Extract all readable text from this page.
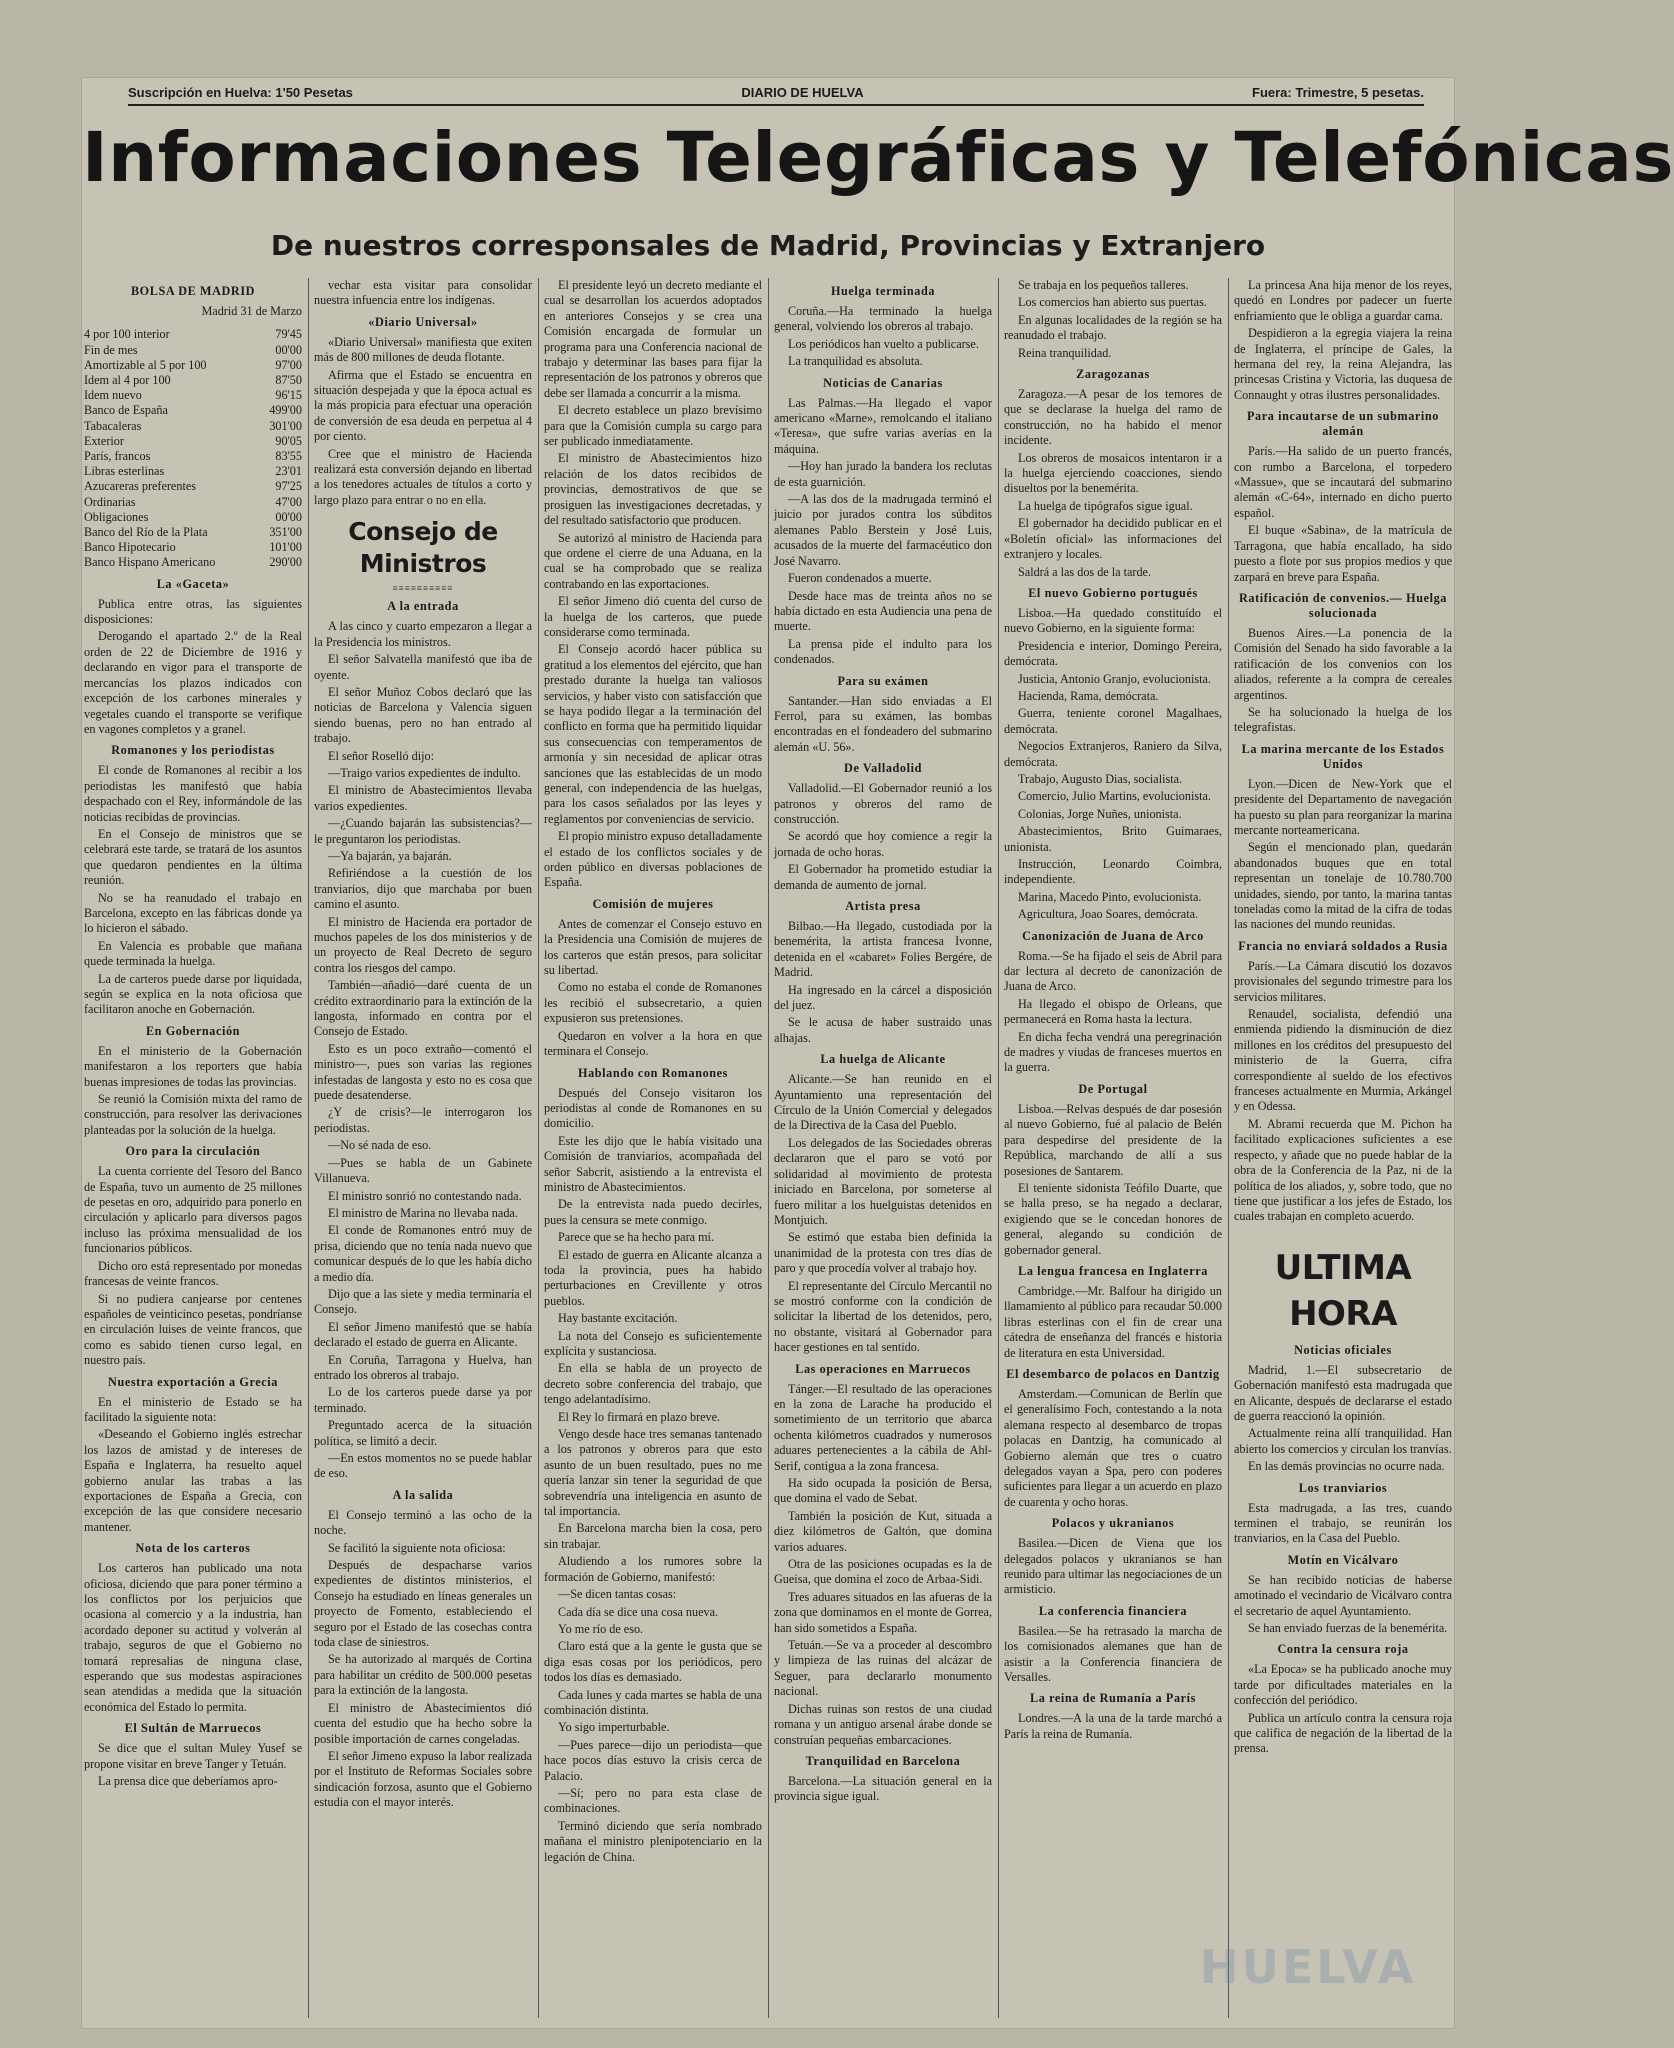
Suscripción en Huelva: 1'50 Pesetas	DIARIO DE HUELVA	Fuera: Trimestre, 5 pesetas.
Informaciones Telegráficas y Telefónicas
De nuestros corresponsales de Madrid, Provincias y Extranjero
BOLSA DE MADRID
Madrid 31 de Marzo
4 por 100 interior	79'45
Fin de mes	00'00
Amortizable al 5 por 100	97'00
Idem al 4 por 100	87'50
Idem nuevo	96'15
Banco de España	499'00
Tabacaleras	301'00
Exterior	90'05
París, francos	83'55
Libras esterlinas	23'01
Azucareras preferentes	97'25
Ordinarias	47'00
Obligaciones	00'00
Banco del Río de la Plata	351'00
Banco Hipotecario	101'00
Banco Hispano Americano	290'00
La «Gaceta»

Publica entre otras, las siguientes disposiciones:

Derogando el apartado 2.º de la Real orden de 22 de Diciembre de 1916 y declarando en vigor para el transporte de mercancías los plazos indicados con excepción de los carbones minerales y vegetales cuando el transporte se verifique en vagones completos y a granel.

Romanones y los periodistas

El conde de Romanones al recibir a los periodistas les manifestó que había despachado con el Rey, informándole de las noticias recibidas de provincias.

En el Consejo de ministros que se celebrará este tarde, se tratará de los asuntos que quedaron pendientes en la última reunión.

No se ha reanudado el trabajo en Barcelona, excepto en las fábricas donde ya lo hicieron el sábado.

En Valencia es probable que mañana quede terminada la huelga.

La de carteros puede darse por liquidada, según se explica en la nota oficiosa que facilitaron anoche en Gobernación.

En Gobernación

En el ministerio de la Gobernación manifestaron a los reporters que había buenas impresiones de todas las provincias.

Se reunió la Comisión mixta del ramo de construcción, para resolver las derivaciones planteadas por la solución de la huelga.

Oro para la circulación

La cuenta corriente del Tesoro del Banco de España, tuvo un aumento de 25 millones de pesetas en oro, adquirido para ponerlo en circulación y aplicarlo para diversos pagos incluso las próxima mensualidad de los funcionarios públicos.

Dicho oro está representado por monedas francesas de veinte francos.

Si no pudiera canjearse por centenes españoles de veinticinco pesetas, pondríanse en circulación luises de veinte francos, que como es sabido tienen curso legal, en nuestro país.

Nuestra exportación a Grecia

En el ministerio de Estado se ha facilitado la siguiente nota:

«Deseando el Gobierno inglés estrechar los lazos de amistad y de intereses de España e Inglaterra, ha resuelto aquel gobierno anular las trabas a las exportaciones de España a Grecia, con excepción de las que considere necesario mantener.

Nota de los carteros

Los carteros han publicado una nota oficiosa, diciendo que para poner término a los conflictos por los perjuicios que ocasiona al comercio y a la industria, han acordado deponer su actitud y volverán al trabajo, seguros de que el Gobierno no tomará represalias de ninguna clase, esperando que sus modestas aspiraciones sean atendidas a medida que la situación económica del Estado lo permita.

El Sultán de Marruecos

Se dice que el sultan Muley Yusef se propone visitar en breve Tanger y Tetuán.

La prensa dice que deberíamos apro-

vechar esta visitar para consolidar nuestra infuencia entre los indígenas.

«Diario Universal»

«Diario Universal» manifiesta que exiten más de 800 millones de deuda flotante.

Afirma que el Estado se encuentra en situación despejada y que la época actual es la más propicia para efectuar una operación de conversión de esa deuda en perpetua al 4 por ciento.

Cree que el ministro de Hacienda realizará esta conversión dejando en libertad a los tenedores actuales de títulos a corto y largo plazo para entrar o no en ella.

Consejo de Ministros
≡≡≡≡≡≡≡≡≡≡
A la entrada

A las cinco y cuarto empezaron a llegar a la Presidencia los ministros.

El señor Salvatella manifestó que iba de oyente.

El señor Muñoz Cobos declaró que las noticias de Barcelona y Valencia siguen siendo buenas, pero no han entrado al trabajo.

El señor Roselló dijo:

—Traigo varios expedientes de indulto.

El ministro de Abastecimientos llevaba varios expedientes.

—¿Cuando bajarán las subsistencias?—le preguntaron los periodistas.

—Ya bajarán, ya bajarán.

Refiriéndose a la cuestión de los tranviarios, dijo que marchaba por buen camino el asunto.

El ministro de Hacienda era portador de muchos papeles de los dos ministerios y de un proyecto de Real Decreto de seguro contra los riesgos del campo.

También—añadió—daré cuenta de un crédito extraordinario para la extinción de la langosta, informado en contra por el Consejo de Estado.

Esto es un poco extraño—comentó el ministro—, pues son varias las regiones infestadas de langosta y esto no es cosa que puede desatenderse.

¿Y de crisis?—le interrogaron los periodistas.

—No sé nada de eso.

—Pues se habla de un Gabinete Villanueva.

El ministro sonrió no contestando nada.

El ministro de Marina no llevaba nada.

El conde de Romanones entró muy de prisa, diciendo que no tenía nada nuevo que comunicar después de lo que les había dicho a medio día.

Dijo que a las siete y media terminaría el Consejo.

El señor Jimeno manifestó que se había declarado el estado de guerra en Alicante.

En Coruña, Tarragona y Huelva, han entrado los obreros al trabajo.

Lo de los carteros puede darse ya por terminado.

Preguntado acerca de la situación política, se limitó a decir.

—En estos momentos no se puede hablar de eso.

A la salida

El Consejo terminó a las ocho de la noche.

Se facilitó la siguiente nota oficiosa:

Después de despacharse varios expedientes de distintos ministerios, el Consejo ha estudiado en líneas generales un proyecto de Fomento, estableciendo el seguro por el Estado de las cosechas contra toda clase de siniestros.

Se ha autorizado al marqués de Cortina para habilitar un crédito de 500.000 pesetas para la extinción de la langosta.

El ministro de Abastecimientos dió cuenta del estudio que ha hecho sobre la posible importación de carnes congeladas.

El señor Jimeno expuso la labor realizada por el Instituto de Reformas Sociales sobre sindicación forzosa, asunto que el Gobierno estudia con el mayor interés.

El presidente leyó un decreto mediante el cual se desarrollan los acuerdos adoptados en anteriores Consejos y se crea una Comisión encargada de formular un programa para una Conferencia nacional de trabajo y determinar las bases para fijar la representación de los patronos y obreros que debe ser llamada a concurrir a la misma.

El decreto establece un plazo brevísimo para que la Comisión cumpla su cargo para ser publicado inmediatamente.

El ministro de Abastecimientos hizo relación de los datos recibidos de provincias, demostrativos de que se prosiguen las investigaciones decretadas, y del resultado satisfactorio que producen.

Se autorizó al ministro de Hacienda para que ordene el cierre de una Aduana, en la cual se ha comprobado que se realiza contrabando en las exportaciones.

El señor Jimeno dió cuenta del curso de la huelga de los carteros, que puede considerarse como terminada.

El Consejo acordó hacer pública su gratitud a los elementos del ejército, que han prestado durante la huelga tan valiosos servicios, y haber visto con satisfacción que se haya podido llegar a la terminación del conflicto en forma que ha permitido liquidar sus consecuencias con temperamentos de armonía y sin necesidad de aplicar otras sanciones que las establecidas de un modo general, con independencia de las huelgas, para los casos señalados por las leyes y reglamentos por conveniencias de servicio.

El propio ministro expuso detalladamente el estado de los conflictos sociales y de orden público en diversas poblaciones de España.

Comisión de mujeres

Antes de comenzar el Consejo estuvo en la Presidencia una Comisión de mujeres de los carteros que están presos, para solicitar su libertad.

Como no estaba el conde de Romanones les recibió el subsecretario, a quien expusieron sus pretensiones.

Quedaron en volver a la hora en que terminara el Consejo.

Hablando con Romanones

Después del Consejo visitaron los periodistas al conde de Romanones en su domicilio.

Este les dijo que le había visitado una Comisión de tranviarios, acompañada del señor Sabcrit, asistiendo a la entrevista el ministro de Abastecimientos.

De la entrevista nada puedo decirles, pues la censura se mete conmigo.

Parece que se ha hecho para mí.

El estado de guerra en Alicante alcanza a toda la provincia, pues ha habido perturbaciones en Crevillente y otros pueblos.

Hay bastante excitación.

La nota del Consejo es suficientemente explícita y sustanciosa.

En ella se habla de un proyecto de decreto sobre conferencia del trabajo, que tengo adelantadísimo.

El Rey lo firmará en plazo breve.

Vengo desde hace tres semanas tantenado a los patronos y obreros para que esto asunto de un buen resultado, pues no me quería lanzar sin tener la seguridad de que sobrevendría una inteligencia en asunto de tal importancia.

En Barcelona marcha bien la cosa, pero sin trabajar.

Aludiendo a los rumores sobre la formación de Gobierno, manifestó:

—Se dicen tantas cosas:

Cada día se dice una cosa nueva.

Yo me río de eso.

Claro está que a la gente le gusta que se diga esas cosas por los periódicos, pero todos los días es demasiado.

Cada lunes y cada martes se habla de una combinación distinta.

Yo sigo imperturbable.

—Pues parece—dijo un periodista—que hace pocos días estuvo la crisis cerca de Palacio.

—Sí; pero no para esta clase de combinaciones.

Terminó diciendo que sería nombrado mañana el ministro plenipotenciario en la legación de China.

Huelga terminada

Coruña.—Ha terminado la huelga general, volviendo los obreros al trabajo.

Los periódicos han vuelto a publicarse.

La tranquilidad es absoluta.

Noticias de Canarias

Las Palmas.—Ha llegado el vapor americano «Marne», remolcando el italiano «Teresa», que sufre varias averías en la máquina.

—Hoy han jurado la bandera los reclutas de esta guarnición.

—A las dos de la madrugada terminó el juicio por jurados contra los súbditos alemanes Pablo Berstein y José Luis, acusados de la muerte del farmacéutico don José Navarro.

Fueron condenados a muerte.

Desde hace mas de treinta años no se había dictado en esta Audiencia una pena de muerte.

La prensa pide el indulto para los condenados.

Para su exámen

Santander.—Han sido enviadas a El Ferrol, para su exámen, las bombas encontradas en el fondeadero del submarino alemán «U. 56».

De Valladolid

Valladolid.—El Gobernador reunió a los patronos y obreros del ramo de construcción.

Se acordó que hoy comience a regir la jornada de ocho horas.

El Gobernador ha prometido estudiar la demanda de aumento de jornal.

Artista presa

Bilbao.—Ha llegado, custodiada por la benemérita, la artista francesa Ivonne, detenida en el «cabaret» Folies Bergére, de Madrid.

Ha ingresado en la cárcel a disposición del juez.

Se le acusa de haber sustraido unas alhajas.

La huelga de Alicante

Alicante.—Se han reunido en el Ayuntamiento una representación del Círculo de la Unión Comercial y delegados de la Directiva de la Casa del Pueblo.

Los delegados de las Sociedades obreras declararon que el paro se votó por solidaridad al movimiento de protesta iniciado en Barcelona, por someterse al fuero militar a los huelguistas detenidos en Montjuich.

Se estimó que estaba bien definida la unanimidad de la protesta con tres días de paro y que procedía volver al trabajo hoy.

El representante del Círculo Mercantil no se mostró conforme con la condición de solicitar la libertad de los detenidos, pero, no obstante, visitará al Gobernador para hacer gestiones en tal sentido.

Las operaciones en Marruecos

Tánger.—El resultado de las operaciones en la zona de Larache ha producido el sometimiento de un territorio que abarca ochenta kilómetros cuadrados y numerosos aduares pertenecientes a la cábila de Ahl-Serif, contigua a la zona francesa.

Ha sido ocupada la posición de Bersa, que domina el vado de Sebat.

También la posición de Kut, situada a diez kilómetros de Galtón, que domina varios aduares.

Otra de las posiciones ocupadas es la de Gueisa, que domina el zoco de Arbaa-Sidi.

Tres aduares situados en las afueras de la zona que dominamos en el monte de Gorrea, han sido sometidos a España.

Tetuán.—Se va a proceder al descombro y limpieza de las ruinas del alcázar de Seguer, para declararlo monumento nacional.

Dichas ruinas son restos de una ciudad romana y un antiguo arsenal árabe donde se construían pequeñas embarcaciones.

Tranquilidad en Barcelona

Barcelona.—La situación general en la provincia sigue igual.

Se trabaja en los pequeños talleres.

Los comercios han abierto sus puertas.

En algunas localidades de la región se ha reanudado el trabajo.

Reina tranquilidad.

Zaragozanas

Zaragoza.—A pesar de los temores de que se declarase la huelga del ramo de construcción, no ha habido el menor incidente.

Los obreros de mosaicos intentaron ir a la huelga ejerciendo coacciones, siendo disueltos por la benemérita.

La huelga de tipógrafos sigue igual.

El gobernador ha decidido publicar en el «Boletín oficial» las informaciones del extranjero y locales.

Saldrá a las dos de la tarde.

El nuevo Gobierno portugués

Lisboa.—Ha quedado constituído el nuevo Gobierno, en la siguiente forma:

Presidencia e interior, Domingo Pereira, demócrata.

Justicia, Antonio Granjo, evolucionista.

Hacienda, Rama, demócrata.

Guerra, teniente coronel Magalhaes, demócrata.

Negocios Extranjeros, Raniero da Silva, demócrata.

Trabajo, Augusto Dias, socialista.

Comercio, Julio Martins, evolucionista.

Colonias, Jorge Nuñes, unionista.

Abastecimientos, Brito Guimaraes, unionista.

Instrucción, Leonardo Coimbra, independiente.

Marina, Macedo Pinto, evolucionista.

Agricultura, Joao Soares, demócrata.

Canonización de Juana de Arco

Roma.—Se ha fijado el seis de Abril para dar lectura al decreto de canonización de Juana de Arco.

Ha llegado el obispo de Orleans, que permanecerá en Roma hasta la lectura.

En dicha fecha vendrá una peregrinación de madres y viudas de franceses muertos en la guerra.

De Portugal

Lisboa.—Relvas después de dar posesión al nuevo Gobierno, fué al palacio de Belén para despedirse del presidente de la República, marchando de allí a sus posesiones de Santarem.

El teniente sidonista Teófilo Duarte, que se halla preso, se ha negado a declarar, exigiendo que se le concedan honores de general, alegando su condición de gobernador general.

La lengua francesa en Inglaterra

Cambridge.—Mr. Balfour ha dirigido un llamamiento al público para recaudar 50.000 libras esterlinas con el fin de crear una cátedra de enseñanza del francés e historia de literatura en esta Universidad.

El desembarco de polacos en Dantzig

Amsterdam.—Comunican de Berlín que el generalísimo Foch, contestando a la nota alemana respecto al desembarco de tropas polacas en Dantzig, ha comunicado al Gobierno alemán que tres o cuatro delegados vayan a Spa, pero con poderes suficientes para llegar a un acuerdo en plazo de cuarenta y ocho horas.

Polacos y ukranianos

Basilea.—Dicen de Viena que los delegados polacos y ukranianos se han reunido para ultimar las negociaciones de un armisticio.

La conferencia financiera

Basilea.—Se ha retrasado la marcha de los comisionados alemanes que han de asistir a la Conferencia financiera de Versalles.

La reina de Rumanía a París

Londres.—A la una de la tarde marchó a París la reina de Rumanía.

La princesa Ana hija menor de los reyes, quedó en Londres por padecer un fuerte enfriamiento que le obliga a guardar cama.

Despidieron a la egregia viajera la reina de Inglaterra, el príncipe de Gales, la hermana del rey, la reina Alejandra, las princesas Cristina y Victoria, las duquesa de Connaught y otras ilustres personalidades.

Para incautarse de un submarino alemán

París.—Ha salido de un puerto francés, con rumbo a Barcelona, el torpedero «Massue», que se incautará del submarino alemán «C-64», internado en dicho puerto español.

El buque «Sabina», de la matrícula de Tarragona, que había encallado, ha sido puesto a flote por sus propios medios y que zarpará en breve para España.

Ratificación de convenios.— Huelga solucionada

Buenos Aires.—La ponencia de la Comisión del Senado ha sido favorable a la ratificación de los convenios con los aliados, referente a la compra de cereales argentinos.

Se ha solucionado la huelga de los telegrafistas.

La marina mercante de los Estados Unidos

Lyon.—Dicen de New-York que el presidente del Departamento de navegación ha puesto su plan para reorganizar la marina mercante norteamericana.

Según el mencionado plan, quedarán abandonados buques que en total representan un tonelaje de 10.780.700 unidades, siendo, por tanto, la marina tantas toneladas como la mitad de la cifra de todas las naciones del mundo reunidas.

Francia no enviará soldados a Rusia

París.—La Cámara discutió los dozavos provisionales del segundo trimestre para los servicios militares.

Renaudel, socialista, defendió una enmienda pidiendo la disminución de diez millones en los créditos del presupuesto del ministerio de la Guerra, cifra correspondiente al sueldo de los efectivos franceses actualmente en Murmia, Arkángel y en Odessa.

M. Abrami recuerda que M. Pichon ha facilitado explicaciones suficientes a ese respecto, y añade que no puede hablar de la obra de la Conferencia de la Paz, ni de la política de los aliados, y, sobre todo, que no tiene que justificar a los jefes de Estado, los cuales trabajan en completo acuerdo.

ULTIMA HORA
Noticias oficiales

Madrid, 1.—El subsecretario de Gobernación manifestó esta madrugada que en Alicante, después de declararse el estado de guerra reaccionó la opinión.

Actualmente reina allí tranquilidad. Han abierto los comercios y circulan los tranvías.

En las demás provincias no ocurre nada.

Los tranviarios

Esta madrugada, a las tres, cuando terminen el trabajo, se reunirán los tranviarios, en la Casa del Pueblo.

Motín en Vicálvaro

Se han recibido noticias de haberse amotinado el vecindario de Vicálvaro contra el secretario de aquel Ayuntamiento.

Se han enviado fuerzas de la benemérita.

Contra la censura roja

«La Epoca» se ha publicado anoche muy tarde por dificultades materiales en la confección del periódico.

Publica un artículo contra la censura roja que califica de negación de la libertad de la prensa.

HUELVA
